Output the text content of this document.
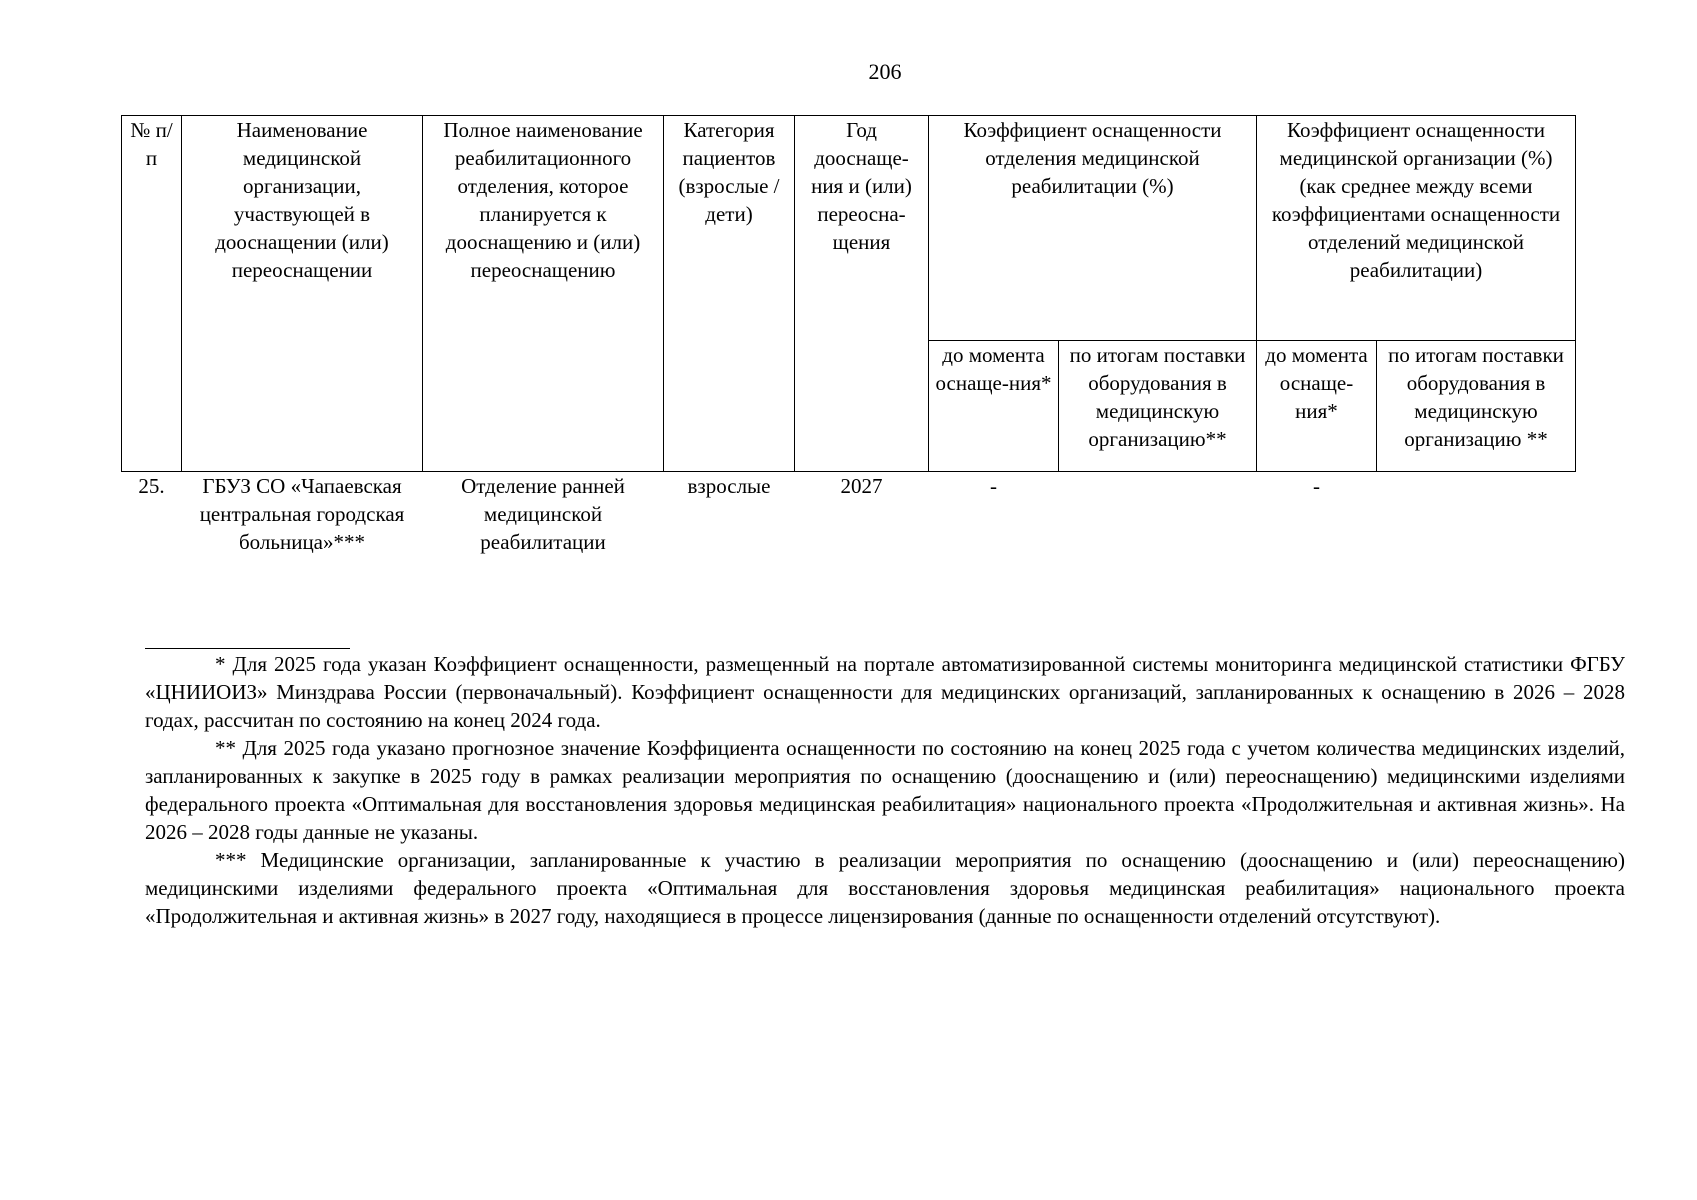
206
№ п/п	Наименование медицинской организации, участвующей в дооснащении (или) переоснащении	Полное наименование реабилитационного отделения, которое планируется к дооснащению и (или) переоснащению	Категория пациентов (взрослые / дети)	Год дооснаще-ния и (или) переосна-щения	Коэффициент оснащенности отделения медицинской реабилитации (%)		Коэффициент оснащенности медицинской организации (%) (как среднее между всеми коэффициентами оснащенности отделений медицинской реабилитации)	
					до момента оснаще-ния*	по итогам поставки оборудования в медицинскую организацию**	до момента оснаще-ния*	по итогам поставки оборудования в медицинскую организацию **
25.	ГБУЗ СО «Чапаевская центральная городская больница»***	Отделение ранней медицинской реабилитации	взрослые	2027	-		-	

* Для 2025 года указан Коэффициент оснащенности, размещенный на портале автоматизированной системы мониторинга медицинской статистики ФГБУ «ЦНИИОИЗ» Минздрава России (первоначальный). Коэффициент оснащенности для медицинских организаций, запланированных к оснащению в 2026 – 2028 годах, рассчитан по состоянию на конец 2024 года.

** Для 2025 года указано прогнозное значение Коэффициента оснащенности по состоянию на конец 2025 года с учетом количества медицинских изделий, запланированных к закупке в 2025 году в рамках реализации мероприятия по оснащению (дооснащению и (или) переоснащению) медицинскими изделиями федерального проекта «Оптимальная для восстановления здоровья медицинская реабилитация» национального проекта «Продолжительная и активная жизнь». На 2026 – 2028 годы данные не указаны.

*** Медицинские организации, запланированные к участию в реализации мероприятия по оснащению (дооснащению и (или) переоснащению) медицинскими изделиями федерального проекта «Оптимальная для восстановления здоровья медицинская реабилитация» национального проекта «Продолжительная и активная жизнь» в 2027 году, находящиеся в процессе лицензирования (данные по оснащенности отделений отсутствуют).
